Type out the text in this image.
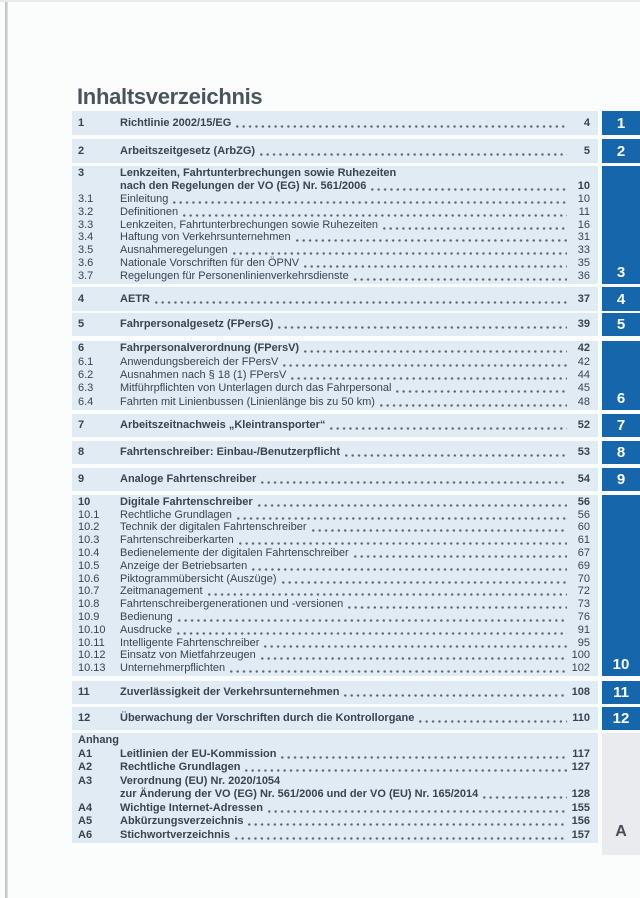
Inhaltsverzeichnis
1	Richtlinie 2002/15/EG	4
2	Arbeitszeitgesetz (ArbZG)	5
3	Lenkzeiten, Fahrtunterbrechungen sowie Ruhezeiten
nach den Regelungen der VO (EG) Nr. 561/2006	10
3.1	Einleitung	10
3.2	Definitionen	11
3.3	Lenkzeiten, Fahrtunterbrechungen sowie Ruhezeiten	16
3.4	Haftung von Verkehrsunternehmen	31
3.5	Ausnahmeregelungen	33
3.6	Nationale Vorschriften für den ÖPNV	35
3.7	Regelungen für Personenlinienverkehrsdienste	36
4	AETR	37
5	Fahrpersonalgesetz (FPersG)	39
6	Fahrpersonalverordnung (FPersV)	42
6.1	Anwendungsbereich der FPersV	42
6.2	Ausnahmen nach § 18 (1) FPersV	44
6.3	Mitführpflichten von Unterlagen durch das Fahrpersonal	45
6.4	Fahrten mit Linienbussen (Linienlänge bis zu 50 km)	48
7	Arbeitszeitnachweis „Kleintransporter“	52
8	Fahrtenschreiber: Einbau-/Benutzerpflicht	53
9	Analoge Fahrtenschreiber	54
10	Digitale Fahrtenschreiber	56
10.1	Rechtliche Grundlagen	56
10.2	Technik der digitalen Fahrtenschreiber	60
10.3	Fahrtenschreiberkarten	61
10.4	Bedienelemente der digitalen Fahrtenschreiber	67
10.5	Anzeige der Betriebsarten	69
10.6	Piktogrammübersicht (Auszüge)	70
10.7	Zeitmanagement	72
10.8	Fahrtenschreibergenerationen und -versionen	73
10.9	Bedienung	76
10.10	Ausdrucke	91
10.11	Intelligente Fahrtenschreiber	95
10.12	Einsatz von Mietfahrzeugen	100
10.13	Unternehmerpflichten	102
11	Zuverlässigkeit der Verkehrsunternehmen	108
12	Überwachung der Vorschriften durch die Kontrollorgane	110
Anhang
A1	Leitlinien der EU-Kommission	117
A2	Rechtliche Grundlagen	127
A3	Verordnung (EU) Nr. 2020/1054
zur Änderung der VO (EG) Nr. 561/2006 und der VO (EU) Nr. 165/2014	128
A4	Wichtige Internet-Adressen	155
A5	Abkürzungsverzeichnis	156
A6	Stichwortverzeichnis	157
1
2
3
4
5
6
7
8
9
10
11
12
A
